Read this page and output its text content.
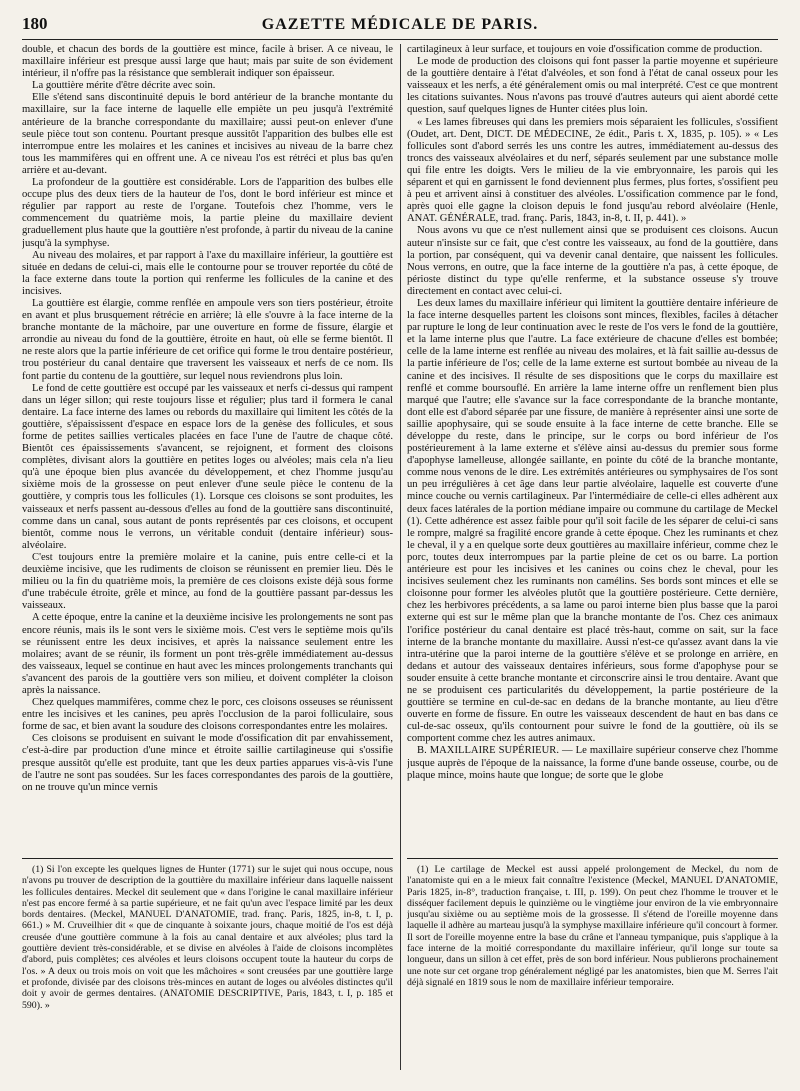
180	GAZETTE MÉDICALE DE PARIS.

double, et chacun des bords de la gouttière est mince, facile à briser. A ce niveau, le maxillaire inférieur est presque aussi large que haut; mais par suite de son évidement intérieur, il n'offre pas la résistance que semblerait indiquer son épaisseur.

La gouttière mérite d'être décrite avec soin.

Elle s'étend sans discontinuité depuis le bord antérieur de la branche montante du maxillaire, sur la face interne de laquelle elle empiète un peu jusqu'à l'extrémité antérieure de la branche correspondante du maxillaire; aussi peut-on enlever d'une seule pièce tout son contenu. Pourtant presque aussitôt l'apparition des bulbes elle est interrompue entre les molaires et les canines et incisives au niveau de la barre chez tous les mammifères qui en offrent une. A ce niveau l'os est rétréci et plus bas qu'en arrière et au-devant.

La profondeur de la gouttière est considérable. Lors de l'apparition des bulbes elle occupe plus des deux tiers de la hauteur de l'os, dont le bord inférieur est mince et régulier par rapport au reste de l'organe. Toutefois chez l'homme, vers le commencement du quatrième mois, la partie pleine du maxillaire devient graduellement plus haute que la gouttière n'est profonde, à partir du niveau de la canine jusqu'à la symphyse.

Au niveau des molaires, et par rapport à l'axe du maxillaire inférieur, la gouttière est située en dedans de celui-ci, mais elle le contourne pour se trouver reportée du côté de la face externe dans toute la portion qui renferme les follicules de la canine et des incisives.

La gouttière est élargie, comme renflée en ampoule vers son tiers postérieur, étroite en avant et plus brusquement rétrécie en arrière; là elle s'ouvre à la face interne de la branche montante de la mâchoire, par une ouverture en forme de fissure, élargie et arrondie au niveau du fond de la gouttière, étroite en haut, où elle se ferme bientôt. Il ne reste alors que la partie inférieure de cet orifice qui forme le trou dentaire postérieur, trou postérieur du canal dentaire que traversent les vaisseaux et nerfs de ce nom. Ils font partie du contenu de la gouttière, sur lequel nous reviendrons plus loin.

Le fond de cette gouttière est occupé par les vaisseaux et nerfs ci-dessus qui rampent dans un léger sillon; qui reste toujours lisse et régulier; plus tard il formera le canal dentaire. La face interne des lames ou rebords du maxillaire qui limitent les côtés de la gouttière, s'épaississent d'espace en espace lors de la genèse des follicules, et sous forme de petites saillies verticales placées en face l'une de l'autre de chaque côté. Bientôt ces épaississements s'avancent, se rejoignent, et forment des cloisons complètes, divisant alors la gouttière en petites loges ou alvéoles; mais cela n'a lieu qu'à une époque bien plus avancée du développement, et chez l'homme jusqu'au sixième mois de la grossesse on peut enlever d'une seule pièce le contenu de la gouttière, y compris tous les follicules (1). Lorsque ces cloisons se sont produites, les vaisseaux et nerfs passent au-dessous d'elles au fond de la gouttière sans discontinuité, comme dans un canal, sous autant de ponts représentés par ces cloisons, et occupent bientôt, comme nous le verrons, un véritable conduit (dentaire inférieur) sous-alvéolaire.

C'est toujours entre la première molaire et la canine, puis entre celle-ci et la deuxième incisive, que les rudiments de cloison se réunissent en premier lieu. Dès le milieu ou la fin du quatrième mois, la première de ces cloisons existe déjà sous forme d'une trabécule étroite, grêle et mince, au fond de la gouttière passant par-dessus les vaisseaux.

A cette époque, entre la canine et la deuxième incisive les prolongements ne sont pas encore réunis, mais ils le sont vers le sixième mois. C'est vers le septième mois qu'ils se réunissent entre les deux incisives, et après la naissance seulement entre les molaires; avant de se réunir, ils forment un pont très-grêle immédiatement au-dessus des vaisseaux, lequel se continue en haut avec les minces prolongements tranchants qui s'avancent des parois de la gouttière vers son milieu, et doivent compléter la cloison après la naissance.

Chez quelques mammifères, comme chez le porc, ces cloisons osseuses se réunissent entre les incisives et les canines, peu après l'occlusion de la paroi folliculaire, sous forme de sac, et bien avant la soudure des cloisons correspondantes entre les molaires.

Ces cloisons se produisent en suivant le mode d'ossification dit par envahissement, c'est-à-dire par production d'une mince et étroite saillie cartilagineuse qui s'ossifie presque aussitôt qu'elle est produite, tant que les deux parties apparues vis-à-vis l'une de l'autre ne sont pas soudées. Sur les faces correspondantes des parois de la gouttière, on ne trouve qu'un mince vernis

(1) Si l'on excepte les quelques lignes de Hunter (1771) sur le sujet qui nous occupe, nous n'avons pu trouver de description de la gouttière du maxillaire inférieur dans laquelle naissent les follicules dentaires. Meckel dit seulement que « dans l'origine le canal maxillaire inférieur n'est pas encore fermé à sa partie supérieure, et ne fait qu'un avec l'espace limité par les deux bords dentaires. (Meckel, MANUEL D'ANATOMIE, trad. franç. Paris, 1825, in-8, t. I, p. 661.) » M. Cruveilhier dit « que de cinquante à soixante jours, chaque moitié de l'os est déjà creusée d'une gouttière commune à la fois au canal dentaire et aux alvéoles; plus tard la gouttière devient très-considérable, et se divise en alvéoles à l'aide de cloisons incomplètes d'abord, puis complètes; ces alvéoles et leurs cloisons occupent toute la hauteur du corps de l'os. » A deux ou trois mois on voit que les mâchoires « sont creusées par une gouttière large et profonde, divisée par des cloisons très-minces en autant de loges ou alvéoles distinctes qu'il doit y avoir de germes dentaires. (ANATOMIE DESCRIPTIVE, Paris, 1843, t. I, p. 185 et 590). »

cartilagineux à leur surface, et toujours en voie d'ossification comme de production.

Le mode de production des cloisons qui font passer la partie moyenne et supérieure de la gouttière dentaire à l'état d'alvéoles, et son fond à l'état de canal osseux pour les vaisseaux et les nerfs, a été généralement omis ou mal interprété. C'est ce que montrent les citations suivantes. Nous n'avons pas trouvé d'autres auteurs qui aient abordé cette question, sauf quelques lignes de Hunter citées plus loin.

« Les lames fibreuses qui dans les premiers mois séparaient les follicules, s'ossifient (Oudet, art. Dent, DICT. DE MÉDECINE, 2e édit., Paris t. X, 1835, p. 105). » « Les follicules sont d'abord serrés les uns contre les autres, immédiatement au-dessus des troncs des vaisseaux alvéolaires et du nerf, séparés seulement par une substance molle qui file entre les doigts. Vers le milieu de la vie embryonnaire, les parois qui les séparent et qui en garnissent le fond deviennent plus fermes, plus fortes, s'ossifient peu à peu et arrivent ainsi à constituer des alvéoles. L'ossification commence par le fond, après quoi elle gagne la cloison depuis le fond jusqu'au rebord alvéolaire (Henle, ANAT. GÉNÉRALE, trad. franç. Paris, 1843, in-8, t. II, p. 441). »

Nous avons vu que ce n'est nullement ainsi que se produisent ces cloisons. Aucun auteur n'insiste sur ce fait, que c'est contre les vaisseaux, au fond de la gouttière, dans la portion, par conséquent, qui va devenir canal dentaire, que naissent les follicules. Nous verrons, en outre, que la face interne de la gouttière n'a pas, à cette époque, de périoste distinct du type qu'elle renferme, et la substance osseuse s'y trouve directement en contact avec celui-ci.

Les deux lames du maxillaire inférieur qui limitent la gouttière dentaire inférieure de la face interne desquelles partent les cloisons sont minces, flexibles, faciles à détacher par rupture le long de leur continuation avec le reste de l'os vers le fond de la gouttière, et la lame interne plus que l'autre. La face extérieure de chacune d'elles est bombée; celle de la lame interne est renflée au niveau des molaires, et là fait saillie au-dessus de la partie inférieure de l'os; celle de la lame externe est surtout bombée au niveau de la canine et des incisives. Il résulte de ses dispositions que le corps du maxillaire est renflé et comme boursouflé. En arrière la lame interne offre un renflement bien plus marqué que l'autre; elle s'avance sur la face correspondante de la branche montante, dont elle est d'abord séparée par une fissure, de manière à représenter ainsi une sorte de saillie apophysaire, qui se soude ensuite à la face interne de cette branche. Elle se développe du reste, dans le principe, sur le corps ou bord inférieur de l'os postérieurement à la lame externe et s'élève ainsi au-dessus du premier sous forme d'apophyse lamelleuse, allongée saillante, en pointe du côté de la branche montante, comme nous venons de le dire. Les extrémités antérieures ou symphysaires de l'os sont un peu irrégulières à cet âge dans leur partie alvéolaire, laquelle est couverte d'une mince couche ou vernis cartilagineux. Par l'intermédiaire de celle-ci elles adhèrent aux deux faces latérales de la portion médiane impaire ou commune du cartilage de Meckel (1). Cette adhérence est assez faible pour qu'il soit facile de les séparer de celui-ci sans le rompre, malgré sa fragilité encore grande à cette époque. Chez les ruminants et chez le cheval, il y a en quelque sorte deux gouttières au maxillaire inférieur, comme chez le porc, toutes deux interrompues par la partie pleine de cet os ou barre. La portion antérieure est pour les incisives et les canines ou coins chez le cheval, pour les incisives seulement chez les ruminants non camélins. Ses bords sont minces et elle se cloisonne pour former les alvéoles plutôt que la gouttière postérieure. Cette dernière, chez les herbivores précédents, a sa lame ou paroi interne bien plus basse que la paroi externe qui est sur le même plan que la branche montante de l'os. Chez ces animaux l'orifice postérieur du canal dentaire est placé très-haut, comme on sait, sur la face interne de la branche montante du maxillaire. Aussi n'est-ce qu'assez avant dans la vie intra-utérine que la paroi interne de la gouttière s'élève et se prolonge en arrière, en dedans et autour des vaisseaux dentaires inférieurs, sous forme d'apophyse pour se souder ensuite à cette branche montante et circonscrire ainsi le trou dentaire. Avant que ne se produisent ces particularités du développement, la partie postérieure de la gouttière se termine en cul-de-sac en dedans de la branche montante, au lieu d'être ouverte en forme de fissure. En outre les vaisseaux descendent de haut en bas dans ce cul-de-sac osseux, qu'ils contournent pour suivre le fond de la gouttière, où ils se comportent comme chez les autres animaux.

B. MAXILLAIRE SUPÉRIEUR. — Le maxillaire supérieur conserve chez l'homme jusque auprès de l'époque de la naissance, la forme d'une bande osseuse, courbe, ou de plaque mince, moins haute que longue; de sorte que le globe

(1) Le cartilage de Meckel est aussi appelé prolongement de Meckel, du nom de l'anatomiste qui en a le mieux fait connaître l'existence (Meckel, MANUEL D'ANATOMIE, Paris 1825, in-8°, traduction française, t. III, p. 199). On peut chez l'homme le trouver et le disséquer facilement depuis le quinzième ou le vingtième jour environ de la vie embryonnaire jusqu'au sixième ou au septième mois de la grossesse. Il s'étend de l'oreille moyenne dans laquelle il adhère au marteau jusqu'à la symphyse maxillaire inférieure qu'il concourt à former. Il sort de l'oreille moyenne entre la base du crâne et l'anneau tympanique, puis s'applique à la face interne de la moitié correspondante du maxillaire inférieur, qu'il longe sur toute sa longueur, dans un sillon à cet effet, près de son bord inférieur. Nous publierons prochainement une note sur cet organe trop généralement négligé par les anatomistes, bien que M. Serres l'ait déjà signalé en 1819 sous le nom de maxillaire inférieur temporaire.
